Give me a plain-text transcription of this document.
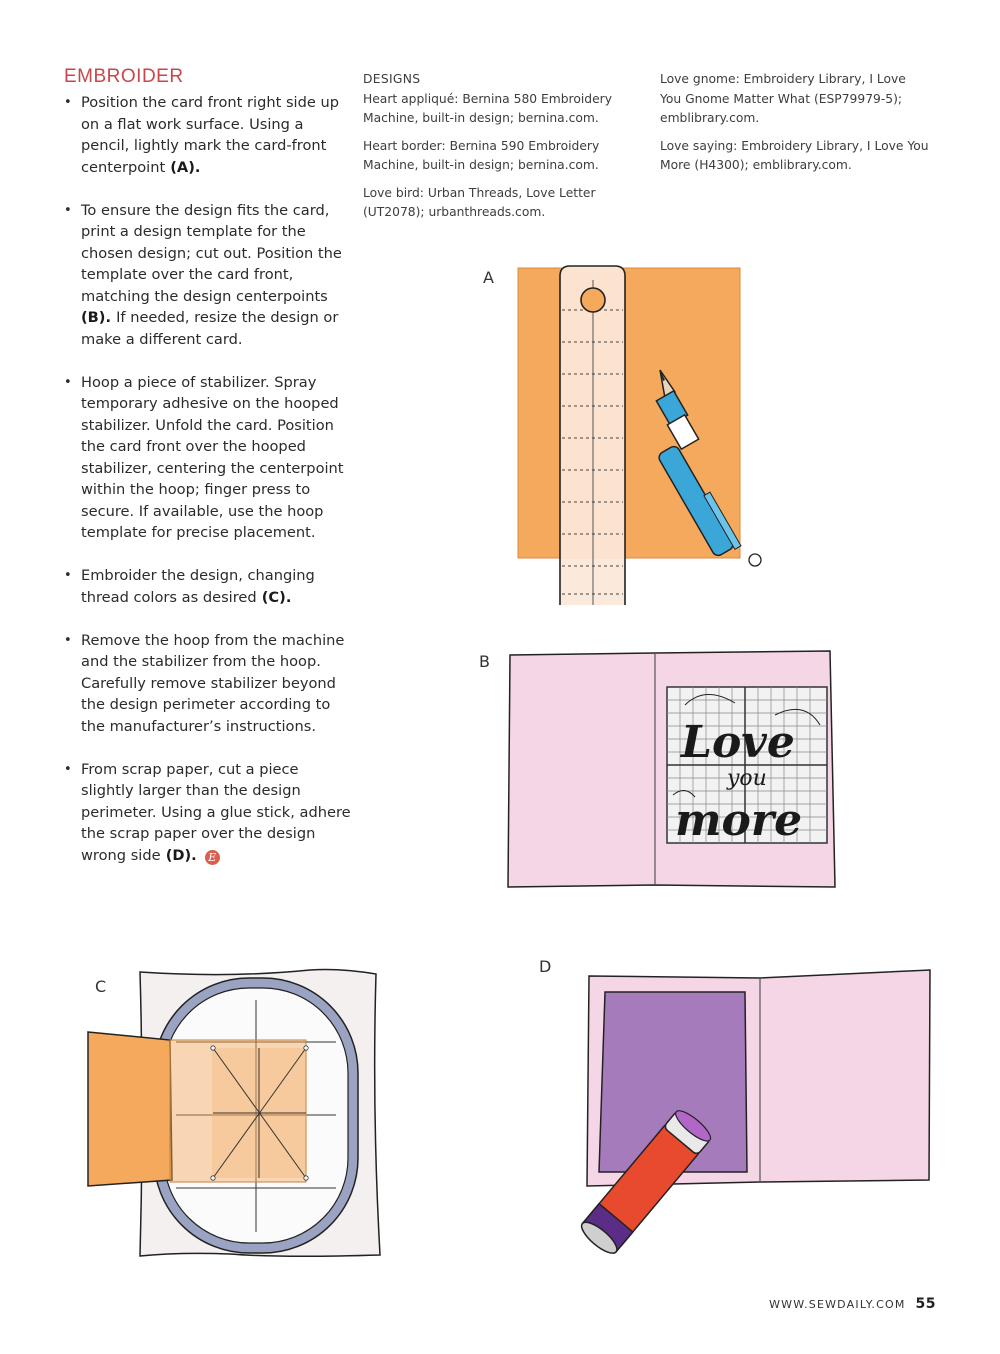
EMBROIDER
• Position the card front right side up on a flat work surface. Using a pencil, lightly mark the card-front centerpoint (A).
• To ensure the design fits the card, print a design template for the chosen design; cut out. Position the template over the card front, matching the design centerpoints (B). If needed, resize the design or make a different card.
• Hoop a piece of stabilizer. Spray temporary adhesive on the hooped stabilizer. Unfold the card. Position the card front over the hooped stabilizer, centering the centerpoint within the hoop; finger press to secure. If available, use the hoop template for precise placement.
• Embroider the design, changing thread colors as desired (C).
• Remove the hoop from the machine and the stabilizer from the hoop. Carefully remove stabilizer beyond the design perimeter according to the manufacturer’s instructions.
• From scrap paper, cut a piece slightly larger than the design perimeter. Using a glue stick, adhere the scrap paper over the design wrong side (D). E

DESIGNS

Heart appliqué: Bernina 580 Embroidery Machine, built-in design; bernina.com.

Heart border: Bernina 590 Embroidery Machine, built-in design; bernina.com.

Love bird: Urban Threads, Love Letter (UT2078); urbanthreads.com.

Love gnome: Embroidery Library, I Love You Gnome Matter What (ESP79979-5); emblibrary.com.

Love saying: Embroidery Library, I Love You More (H4300); emblibrary.com.

A
B
Love
you
more
C
D
WWW.SEWDAILY.COM 55
